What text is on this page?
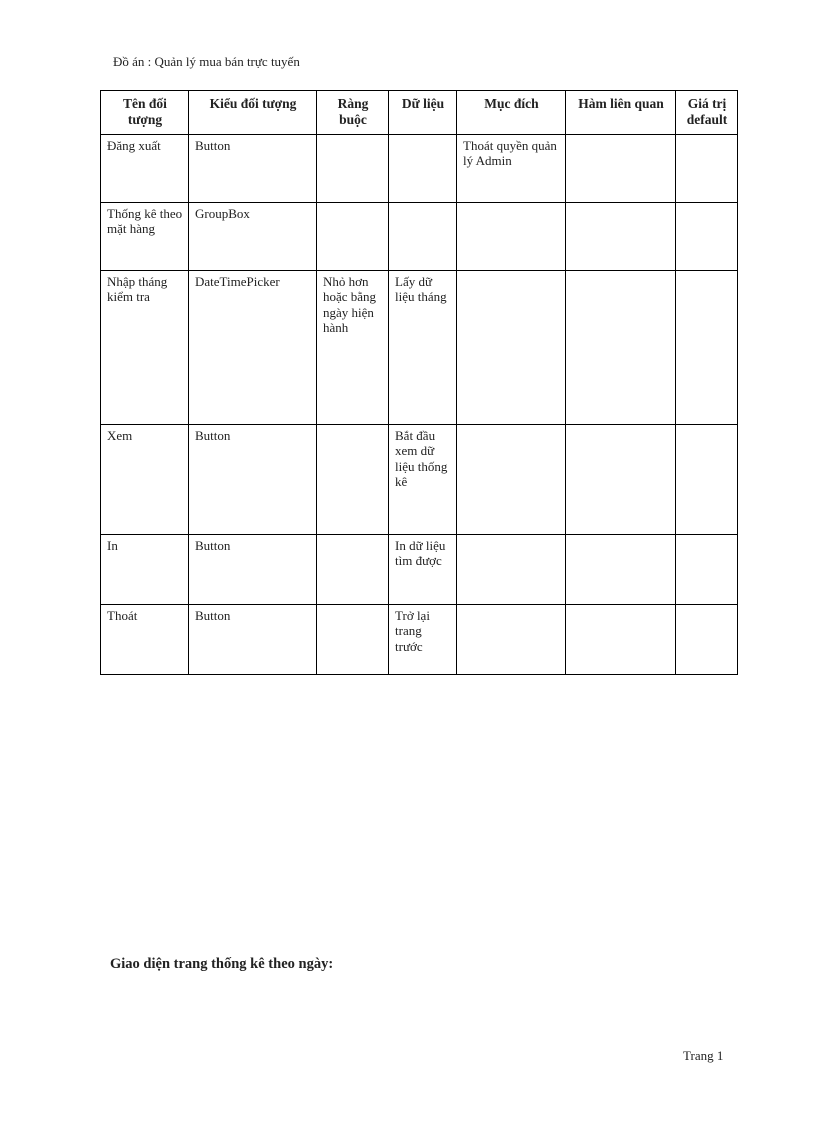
Đồ án : Quản lý mua bán trực tuyến
Tên đối tượng	Kiểu đối tượng	Ràng buộc	Dữ liệu	Mục đích	Hàm liên quan	Giá trị default
Đăng xuất	Button			Thoát quyền quản lý Admin		
Thống kê theo mặt hàng	GroupBox					
Nhập tháng kiểm tra	DateTimePicker	Nhỏ hơn hoặc bằng ngày hiện hành	Lấy dữ liệu tháng			
Xem	Button		Bắt đầu xem dữ liệu thống kê			
In	Button		In dữ liệu tìm được			
Thoát	Button		Trở lại trang trước			
Giao diện trang thống kê theo ngày:
Trang 1
